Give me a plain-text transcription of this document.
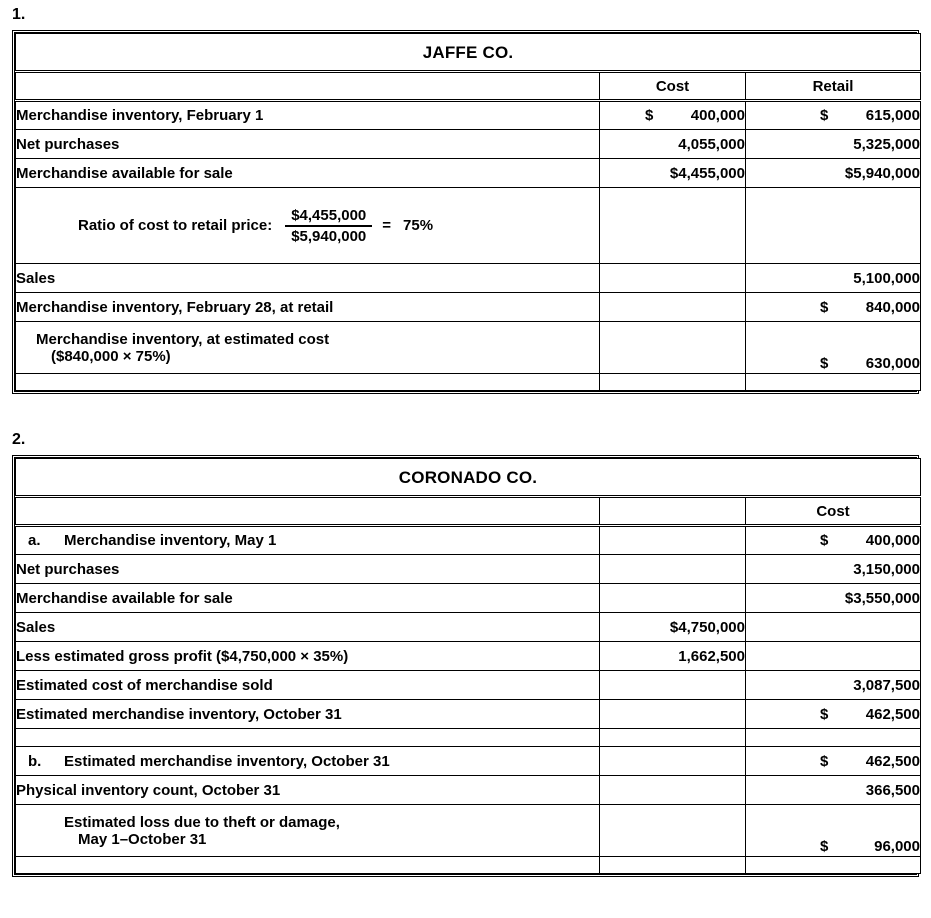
1.
JAFFE CO.		
	Cost	Retail
Merchandise inventory, February 1	$ 400,000	$ 615,000
Net purchases	4,055,000	5,325,000
Merchandise available for sale	$4,455,000	$5,940,000

Ratio of cost to retail price: $\frac{\$4,455,000}{\$5,940,000} = 75\%$		

Sales		5,100,000
Merchandise inventory, February 28, at retail		$ 840,000

Merchandise inventory, at estimated cost
($840,000 × 75%)		$ 630,000

2.
CORONADO CO.		
		Cost

a. Merchandise inventory, May 1		$ 400,000
Net purchases		3,150,000
Merchandise available for sale		$3,550,000
Sales	$4,750,000	

Less estimated gross profit ($4,750,000 × 35%)	1,662,500	

Estimated cost of merchandise sold		3,087,500
Estimated merchandise inventory, October 31		$ 462,500

b. Estimated merchandise inventory, October 31		$ 462,500
Physical inventory count, October 31		366,500

Estimated loss due to theft or damage,
May 1–October 31		$ 96,000
